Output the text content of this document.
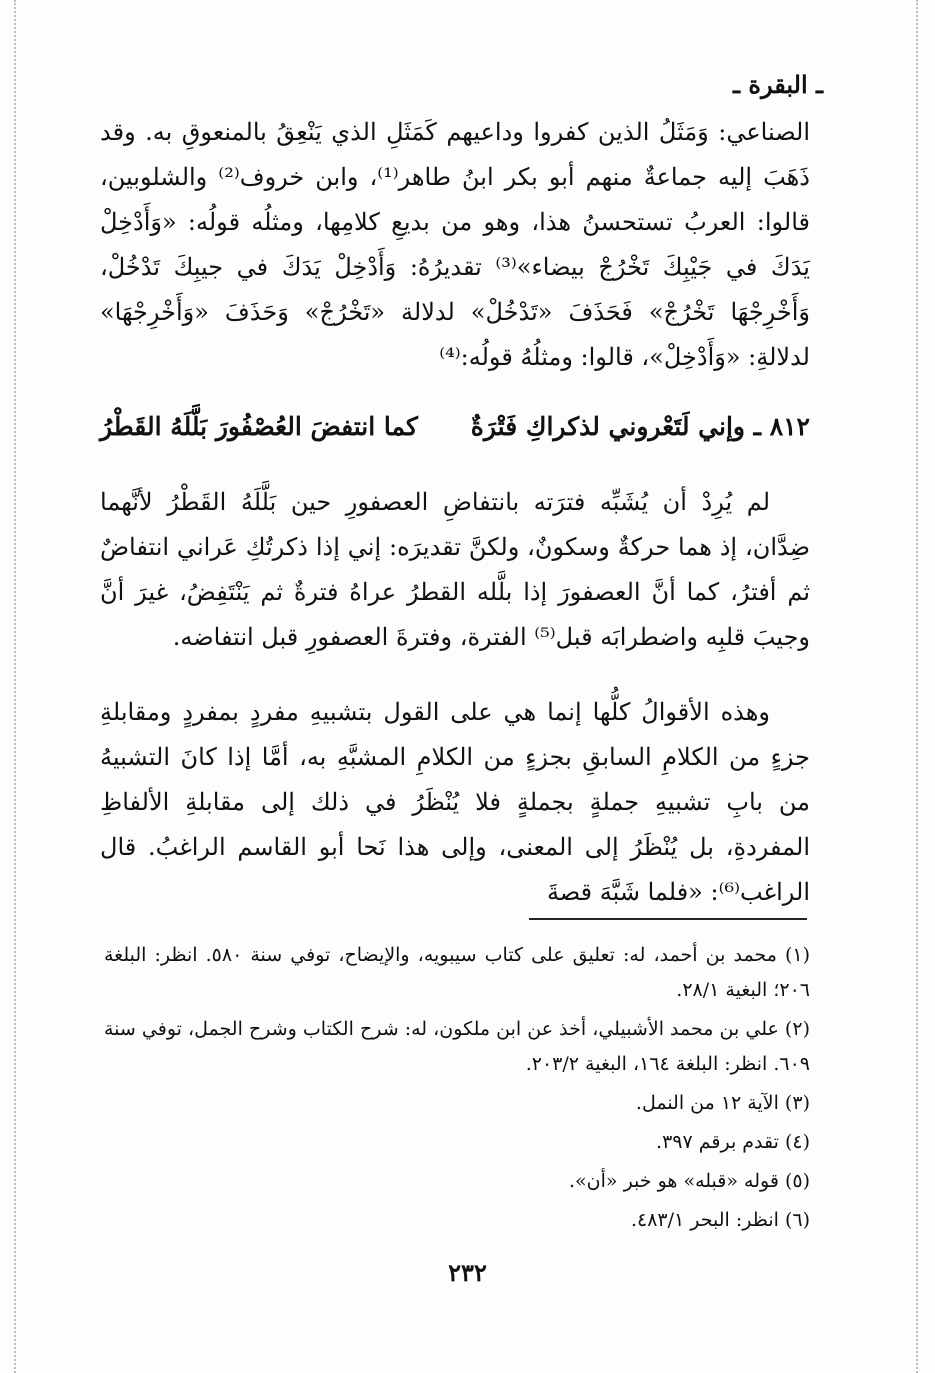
ـ البقرة ـ

الصناعي: وَمَثَلُ الذين كفروا وداعيهم كَمَثَلِ الذي يَنْعِقُ بالمنعوقِ به. وقد ذَهَبَ إليه جماعةٌ منهم أبو بكر ابنُ طاهر⁽¹⁾، وابن خروف⁽²⁾ والشلوبين، قالوا: العربُ تستحسنُ هذا، وهو من بديعِ كلامِها، ومثلُه قولُه: «وَأَدْخِلْ يَدَكَ في جَيْبِكَ تَخْرُجْ بيضاء»⁽³⁾ تقديرُهُ: وَأَدْخِلْ يَدَكَ في جيبِكَ تَدْخُلْ، وَأَخْرِجْهَا تَخْرُجْ» فَحَذَفَ «تَدْخُلْ» لدلالة «تَخْرُجْ» وَحَذَفَ «وَأَخْرِجْهَا» لدلالةِ: «وَأَدْخِلْ»، قالوا: ومثلُهُ قولُه:⁽⁴⁾

٨١٢ ـ وإني لَتَعْروني لذكراكِ فَتْرَةٌ
كما انتفضَ العُصْفُورَ بَلَّلَهُ القَطْرُ

لم يُرِدْ أن يُشَبِّه فترَته بانتفاضِ العصفورِ حين بَلَّلَهُ القَطْرُ لأنَّهما ضِدَّان، إذ هما حركةٌ وسكونٌ، ولكنَّ تقديرَه: إني إذا ذكرتُكِ عَراني انتفاضٌ ثم أفترُ، كما أنَّ العصفورَ إذا بلَّله القطرُ عراهُ فترةٌ ثم يَنْتَفِضُ، غيرَ أنَّ وجيبَ قلبِه واضطرابَه قبل⁽⁵⁾ الفترة، وفترةَ العصفورِ قبل انتفاضه.

وهذه الأقوالُ كلُّها إنما هي على القول بتشبيهِ مفردٍ بمفردٍ ومقابلةِ جزءٍ من الكلامِ السابقِ بجزءٍ من الكلامِ المشبَّهِ به، أمَّا إذا كانَ التشبيهُ من بابِ تشبيهِ جملةٍ بجملةٍ فلا يُنْظَرُ في ذلك إلى مقابلةِ الألفاظِ المفردةِ، بل يُنْظَرُ إلى المعنى، وإلى هذا نَحا أبو القاسم الراغبُ. قال الراغب⁽⁶⁾: «فلما شَبَّهَ قصةَ

(١) محمد بن أحمد، له: تعليق على كتاب سيبويه، والإيضاح، توفي سنة ٥٨٠. انظر: البلغة ٢٠٦؛ البغية ٢٨/١.

(٢) علي بن محمد الأشبيلي، أخذ عن ابن ملكون، له: شرح الكتاب وشرح الجمل، توفي سنة ٦٠٩. انظر: البلغة ١٦٤، البغية ٢٠٣/٢.

(٣) الآية ١٢ من النمل.

(٤) تقدم برقم ٣٩٧.

(٥) قوله «قبله» هو خبر «أن».

(٦) انظر: البحر ٤٨٣/١.

٢٣٢
